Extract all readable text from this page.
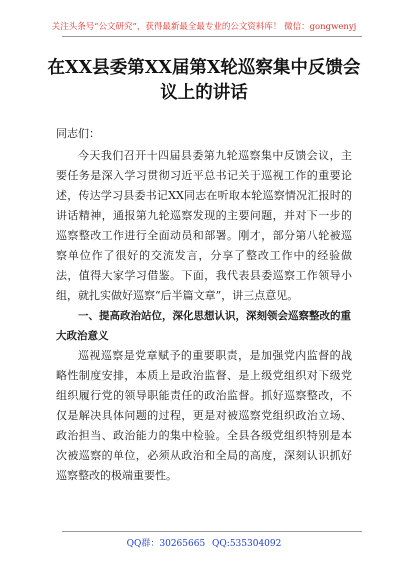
关注头条号“公文研究”，获得最新最全最专业的公文资料库！ 微信：gongwenyj
在XX县委第XX届第X轮巡察集中反馈会议上的讲话

同志们：

今天我们召开十四届县委第九轮巡察集中反馈会议，主要任务是深入学习贯彻习近平总书记关于巡视工作的重要论述，传达学习县委书记XX同志在听取本轮巡察情况汇报时的讲话精神，通报第九轮巡察发现的主要问题，并对下一步的巡察整改工作进行全面动员和部署。刚才，部分第八轮被巡察单位作了很好的交流发言，分享了整改工作中的经验做法，值得大家学习借鉴。下面，我代表县委巡察工作领导小组，就扎实做好巡察“后半篇文章”，讲三点意见。

一、提高政治站位，深化思想认识，深刻领会巡察整改的重大政治意义

巡视巡察是党章赋予的重要职责，是加强党内监督的战略性制度安排，本质上是政治监督、是上级党组织对下级党组织履行党的领导职能责任的政治监督。抓好巡察整改，不仅是解决具体问题的过程，更是对被巡察党组织政治立场、政治担当、政治能力的集中检验。全县各级党组织特别是本次被巡察的单位，必须从政治和全局的高度，深刻认识抓好巡察整改的极端重要性。

QQ群：30265665 QQ:535304092
